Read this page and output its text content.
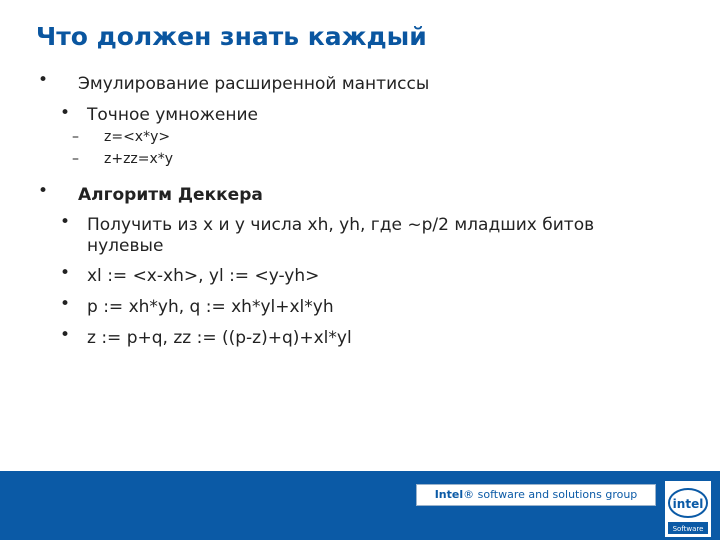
Что должен знать каждый
• Эмулирование расширенной мантиссы
• Точное умножение
– z=<x*y>
– z+zz=x*y
• Алгоритм Деккера
• Получить из x и y числа xh, yh, где ~p/2 младших битов
нулевые
• xl := <x-xh>, yl := <y-yh>
• p := xh*yh, q := xh*yl+xl*yh
• z := p+q, zz := ((p-z)+q)+xl*yl
Intel® software and solutions group
intel
Software
